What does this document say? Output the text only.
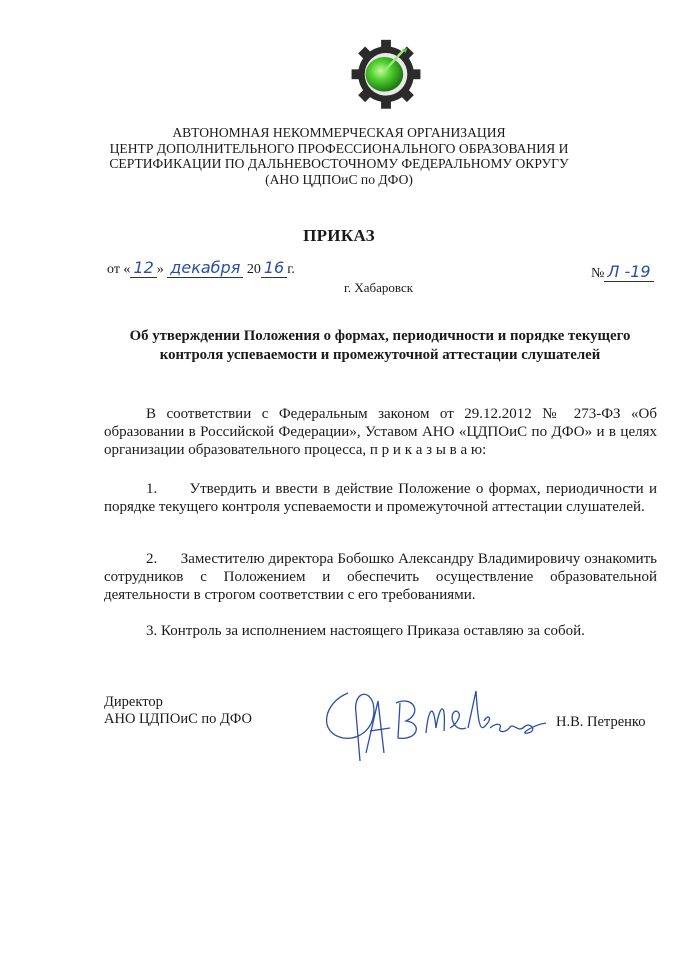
АВТОНОМНАЯ НЕКОММЕРЧЕСКАЯ ОРГАНИЗАЦИЯ
ЦЕНТР ДОПОЛНИТЕЛЬНОГО ПРОФЕССИОНАЛЬНОГО ОБРАЗОВАНИЯ И
СЕРТИФИКАЦИИ ПО ДАЛЬНЕВОСТОЧНОМУ ФЕДЕРАЛЬНОМУ ОКРУГУ
(АНО ЦДПОиС по ДФО)
ПРИКАЗ
от « 12 » декабря 20 16 г.
г. Хабаровск
№ Л -19
Об утверждении Положения о формах, периодичности и порядке текущего контроля успеваемости и промежуточной аттестации слушателей
В соответствии с Федеральным законом от 29.12.2012 № 273-ФЗ «Об образовании в Российской Федерации», Уставом АНО «ЦДПОиС по ДФО» и в целях организации образовательного процесса, п р и к а з ы в а ю:
1.      Утвердить и ввести в действие Положение о формах, периодичности и порядке текущего контроля успеваемости и промежуточной аттестации слушателей.
2.      Заместителю директора Бобошко Александру Владимировичу ознакомить сотрудников с Положением и обеспечить осуществление образовательной деятельности в строгом соответствии с его требованиями.
3. Контроль за исполнением настоящего Приказа оставляю за собой.
Директор
АНО ЦДПОиС по ДФО	Н.В. Петренко
